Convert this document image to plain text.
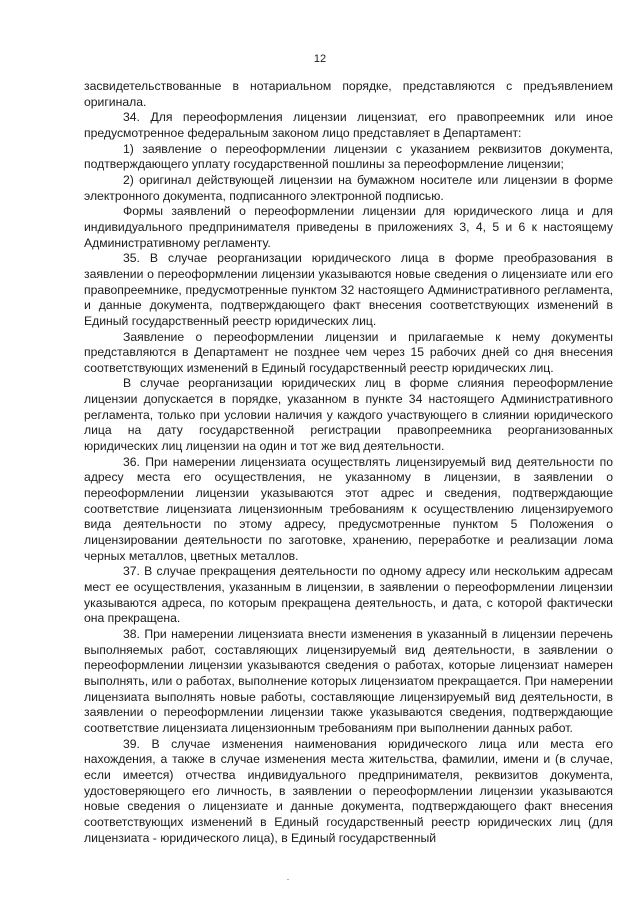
12

засвидетельствованные в нотариальном порядке, представляются с предъявлением оригинала.

34. Для переоформления лицензии лицензиат, его правопреемник или иное предусмотренное федеральным законом лицо представляет в Департамент:

1) заявление о переоформлении лицензии с указанием реквизитов документа, подтверждающего уплату государственной пошлины за переоформление лицензии;

2) оригинал действующей лицензии на бумажном носителе или лицензии в форме электронного документа, подписанного электронной подписью.

Формы заявлений о переоформлении лицензии для юридического лица и для индивидуального предпринимателя приведены в приложениях 3, 4, 5 и 6 к настоящему Административному регламенту.

35. В случае реорганизации юридического лица в форме преобразования в заявлении о переоформлении лицензии указываются новые сведения о лицензиате или его правопреемнике, предусмотренные пунктом 32 настоящего Административного регламента, и данные документа, подтверждающего факт внесения соответствующих изменений в Единый государственный реестр юридических лиц.

Заявление о переоформлении лицензии и прилагаемые к нему документы представляются в Департамент не позднее чем через 15 рабочих дней со дня внесения соответствующих изменений в Единый государственный реестр юридических лиц.

В случае реорганизации юридических лиц в форме слияния переоформление лицензии допускается в порядке, указанном в пункте 34 настоящего Административного регламента, только при условии наличия у каждого участвующего в слиянии юридического лица на дату государственной регистрации правопреемника реорганизованных юридических лиц лицензии на один и тот же вид деятельности.

36. При намерении лицензиата осуществлять лицензируемый вид деятельности по адресу места его осуществления, не указанному в лицензии, в заявлении о переоформлении лицензии указываются этот адрес и сведения, подтверждающие соответствие лицензиата лицензионным требованиям к осуществлению лицензируемого вида деятельности по этому адресу, предусмотренные пунктом 5 Положения о лицензировании деятельности по заготовке, хранению, переработке и реализации лома черных металлов, цветных металлов.

37. В случае прекращения деятельности по одному адресу или нескольким адресам мест ее осуществления, указанным в лицензии, в заявлении о переоформлении лицензии указываются адреса, по которым прекращена деятельность, и дата, с которой фактически она прекращена.

38. При намерении лицензиата внести изменения в указанный в лицензии перечень выполняемых работ, составляющих лицензируемый вид деятельности, в заявлении о переоформлении лицензии указываются сведения о работах, которые лицензиат намерен выполнять, или о работах, выполнение которых лицензиатом прекращается. При намерении лицензиата выполнять новые работы, составляющие лицензируемый вид деятельности, в заявлении о переоформлении лицензии также указываются сведения, подтверждающие соответствие лицензиата лицензионным требованиям при выполнении данных работ.

39. В случае изменения наименования юридического лица или места его нахождения, а также в случае изменения места жительства, фамилии, имени и (в случае, если имеется) отчества индивидуального предпринимателя, реквизитов документа, удостоверяющего его личность, в заявлении о переоформлении лицензии указываются новые сведения о лицензиате и данные документа, подтверждающего факт внесения соответствующих изменений в Единый государственный реестр юридических лиц (для лицензиата - юридического лица), в Единый государственный
